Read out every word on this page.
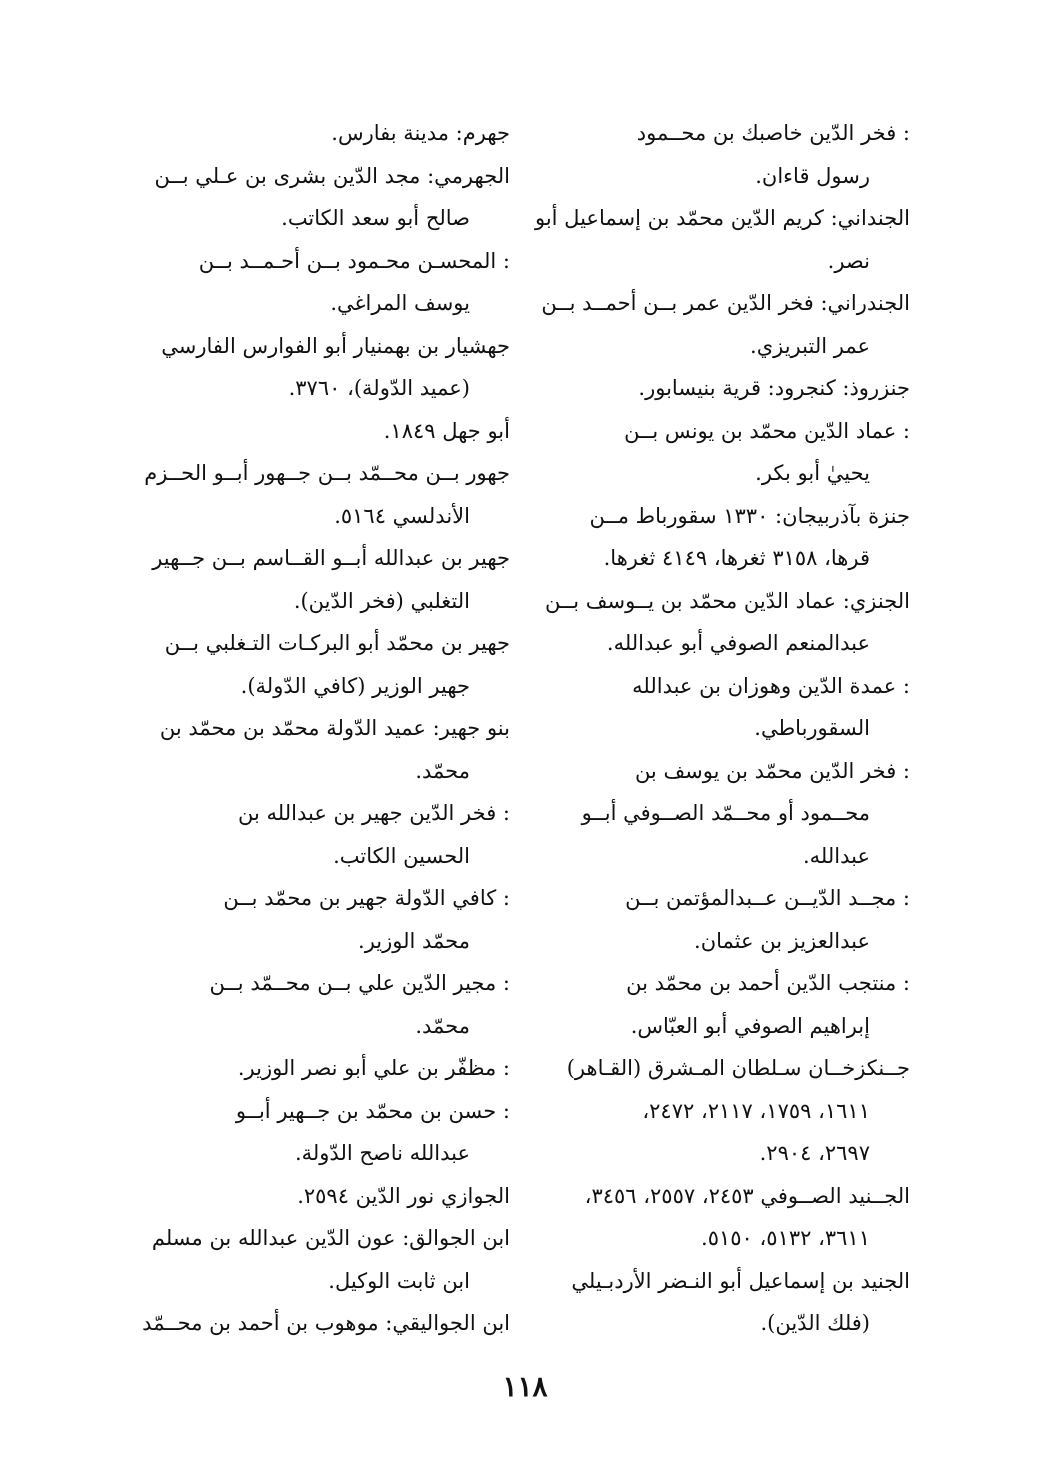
: فخر الدّين خاصبك بن محــمود
رسول قاءان.
الجنداني: كريم الدّين محمّد بن إسماعيل أبو
نصر.
الجندراني: فخر الدّين عمر بــن أحمــد بــن
عمر التبريزي.
جنزروذ: كنجرود: قرية بنيسابور.
: عماد الدّين محمّد بن يونس بــن
يحييٰ أبو بكر.
جنزة بآذربيجان: ١٣٣٠ سقورباط مــن
قرها، ٣١٥٨ ثغرها، ٤١٤٩ ثغرها.
الجنزي: عماد الدّين محمّد بن يــوسف بــن
عبدالمنعم الصوفي أبو عبدالله.
: عمدة الدّين وهوزان بن عبدالله
السقورباطي.
: فخر الدّين محمّد بن يوسف بن
محــمود أو محــمّد الصــوفي أبــو
عبدالله.
: مجــد الدّيــن عــبدالمؤتمن بــن
عبدالعزيز بن عثمان.
: منتجب الدّين أحمد بن محمّد بن
إبراهيم الصوفي أبو العبّاس.
جــنكزخــان سـلطان المـشرق (القـاهر)
١٦١١، ١٧٥٩، ٢١١٧، ٢٤٧٢،
٢٦٩٧، ٢٩٠٤.
الجــنيد الصــوفي ٢٤٥٣، ٢٥٥٧، ٣٤٥٦،
٣٦١١، ٥١٣٢، ٥١٥٠.
الجنيد بن إسماعيل أبو النـضر الأردبـيلي
(فلك الدّين).
جهرم: مدينة بفارس.
الجهرمي: مجد الدّين بشرى بن عـلي بــن
صالح أبو سعد الكاتب.
: المحسـن محـمود بــن أحـمــد بــن
يوسف المراغي.
جهشيار بن بهمنيار أبو الفوارس الفارسي
(عميد الدّولة)، ٣٧٦٠.
أبو جهل ١٨٤٩.
جهور بــن محــمّد بــن جــهور أبــو الحــزم
الأندلسي ٥١٦٤.
جهير بن عبدالله أبــو القــاسم بــن جــهير
التغلبي (فخر الدّين).
جهير بن محمّد أبو البركـات التـغلبي بــن
جهير الوزير (كافي الدّولة).
بنو جهير: عميد الدّولة محمّد بن محمّد بن
محمّد.
: فخر الدّين جهير بن عبدالله بن
الحسين الكاتب.
: كافي الدّولة جهير بن محمّد بــن
محمّد الوزير.
: مجير الدّين علي بــن محــمّد بــن
محمّد.
: مظفّر بن علي أبو نصر الوزير.
: حسن بن محمّد بن جــهير أبــو
عبدالله ناصح الدّولة.
الجوازي نور الدّين ٢٥٩٤.
ابن الجوالق: عون الدّين عبدالله بن مسلم
ابن ثابت الوكيل.
ابن الجواليقي: موهوب بن أحمد بن محــمّد
١١٨
